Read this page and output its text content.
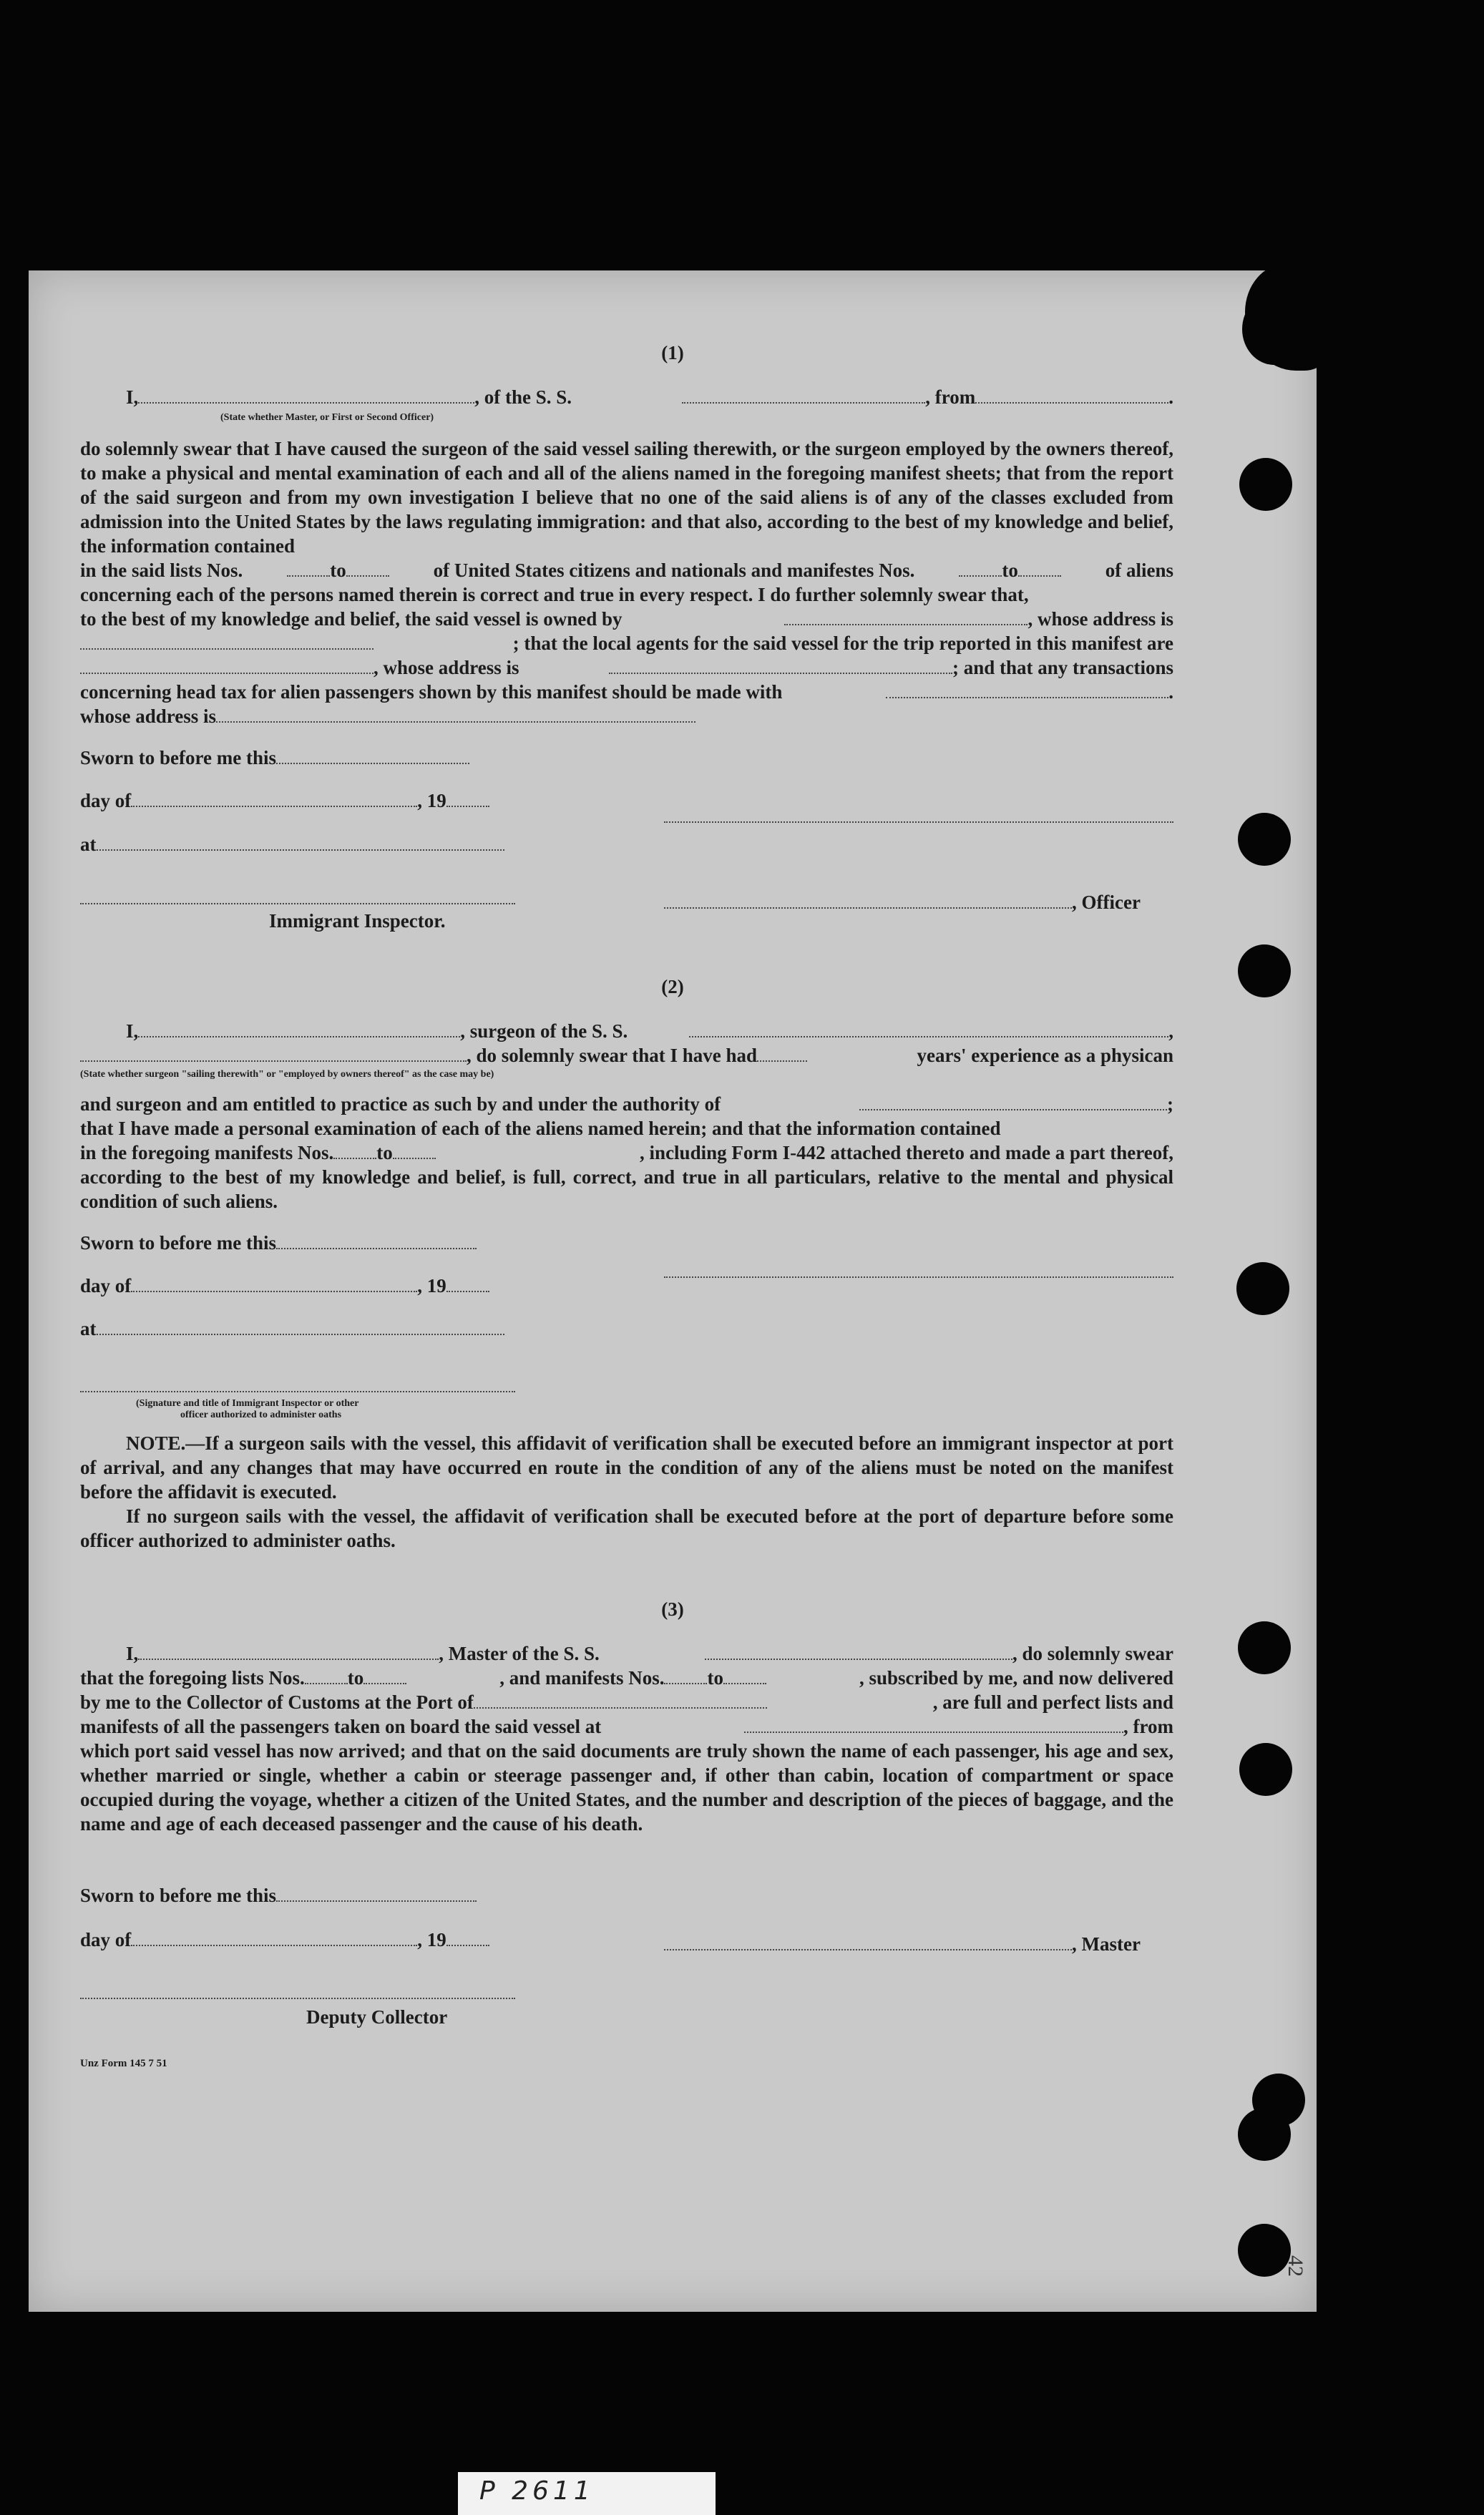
(1)
I,	, of the S. S.	, from	.
(State whether Master, or First or Second Officer)
do solemnly swear that I have caused the surgeon of the said vessel sailing therewith, or the surgeon employed by the owners thereof, to make a physical and mental examination of each and all of the aliens named in the foregoing manifest sheets; that from the report of the said surgeon and from my own investigation I believe that no one of the said aliens is of any of the classes excluded from admission into the United States by the laws regulating immigration: and that also, according to the best of my knowledge and belief, the information contained
in the said lists Nos.	to	of United States citizens and nationals and manifestes Nos.	to	of aliens
concerning each of the persons named therein is correct and true in every respect. I do further solemnly swear that,
to the best of my knowledge and belief, the said vessel is owned by	, whose address is
; that the local agents for the said vessel for the trip reported in this manifest are
, whose address is	; and that any transactions
concerning head tax for alien passengers shown by this manifest should be made with	.
whose address is
Sworn to before me this
day of	, 19
at
Immigrant Inspector.
, Officer
(2)
I,	, surgeon of the S. S.	,
, do solemnly swear that I have had	years' experience as a physican
(State whether surgeon "sailing therewith" or "employed by owners thereof" as the case may be)
and surgeon and am entitled to practice as such by and under the authority of	;
that I have made a personal examination of each of the aliens named herein; and that the information contained
in the foregoing manifests Nos. to	, including Form I-442 attached thereto and made a part thereof,
according to the best of my knowledge and belief, is full, correct, and true in all particulars, relative to the mental and physical condition of such aliens.
Sworn to before me this
day of	, 19
at
(Signature and title of Immigrant Inspector or other
officer authorized to administer oaths
NOTE.—If a surgeon sails with the vessel, this affidavit of verification shall be executed before an immigrant inspector at port of arrival, and any changes that may have occurred en route in the condition of any of the aliens must be noted on the manifest before the affidavit is executed.
If no surgeon sails with the vessel, the affidavit of verification shall be executed before at the port of departure before some officer authorized to administer oaths.
(3)
I,	, Master of the S. S.	, do solemnly swear
that the foregoing lists Nos. to	, and manifests Nos. to	, subscribed by me, and now delivered
by me to the Collector of Customs at the Port of	, are full and perfect lists and
manifests of all the passengers taken on board the said vessel at	, from
which port said vessel has now arrived; and that on the said documents are truly shown the name of each passenger, his age and sex, whether married or single, whether a cabin or steerage passenger and, if other than cabin, location of compartment or space occupied during the voyage, whether a citizen of the United States, and the number and description of the pieces of baggage, and the name and age of each deceased passenger and the cause of his death.
Sworn to before me this
day of	, 19	, Master
Deputy Collector
Unz Form 145 7 51
42
P 2611
